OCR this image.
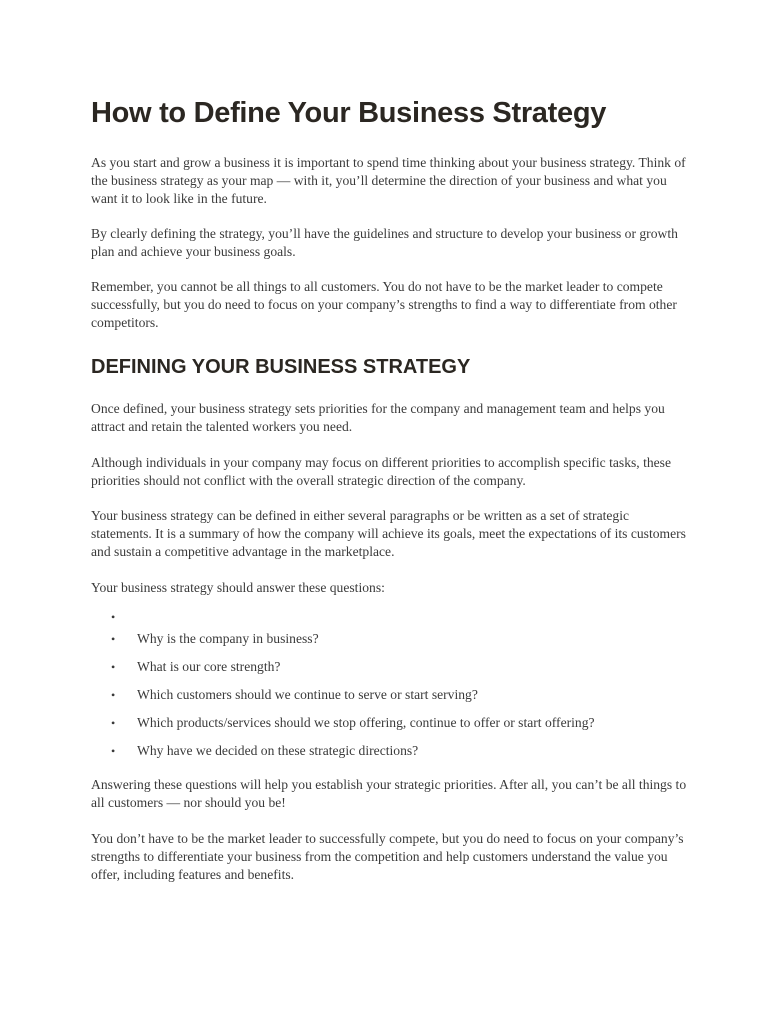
How to Define Your Business Strategy

As you start and grow a business it is important to spend time thinking about your business strategy. Think of the business strategy as your map — with it, you’ll determine the direction of your business and what you want it to look like in the future.

By clearly defining the strategy, you’ll have the guidelines and structure to develop your business or growth plan and achieve your business goals.

Remember, you cannot be all things to all customers. You do not have to be the market leader to compete successfully, but you do need to focus on your company’s strengths to find a way to differentiate from other competitors.

DEFINING YOUR BUSINESS STRATEGY

Once defined, your business strategy sets priorities for the company and management team and helps you attract and retain the talented workers you need.

Although individuals in your company may focus on different priorities to accomplish specific tasks, these priorities should not conflict with the overall strategic direction of the company.

Your business strategy can be defined in either several paragraphs or be written as a set of strategic statements. It is a summary of how the company will achieve its goals, meet the expectations of its customers and sustain a competitive advantage in the marketplace.

Your business strategy should answer these questions:

•
• Why is the company in business?
• What is our core strength?
• Which customers should we continue to serve or start serving?
• Which products/services should we stop offering, continue to offer or start offering?
• Why have we decided on these strategic directions?

Answering these questions will help you establish your strategic priorities. After all, you can’t be all things to all customers — nor should you be!

You don’t have to be the market leader to successfully compete, but you do need to focus on your company’s strengths to differentiate your business from the competition and help customers understand the value you offer, including features and benefits.
